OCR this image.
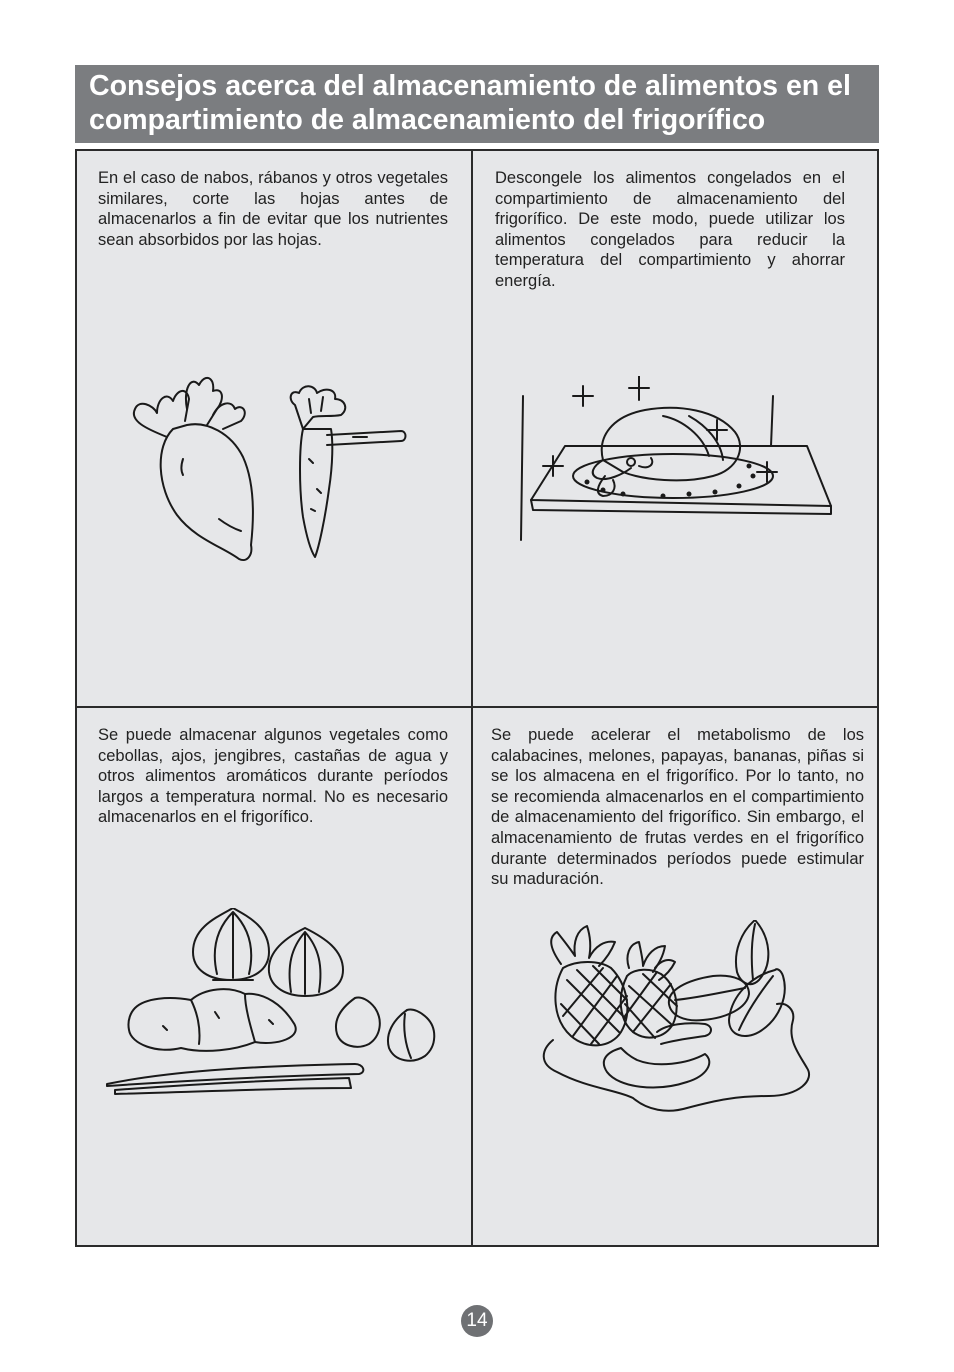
Consejos acerca del almacenamiento de alimentos en el compartimiento de almacenamiento del frigorífico

En el caso de nabos, rábanos y otros vegetales similares, corte las hojas antes de almacenarlos a fin de evitar que los nutrientes sean absorbidos por las hojas.

Descongele los alimentos congelados en el compartimiento de almacenamiento del frigorífico. De este modo, puede utilizar los alimentos congelados para reducir la temperatura del compartimiento y ahorrar energía.

Se puede almacenar algunos vegetales como cebollas, ajos, jengibres, castañas de agua y otros alimentos aromáticos durante períodos largos a temperatura normal. No es necesario almacenarlos en el frigorífico.

Se puede acelerar el metabolismo de los calabacines, melones, papayas, bananas, piñas si se los almacena en el frigorífico. Por lo tanto, no se recomienda almacenarlos en el compartimiento de almacenamiento del frigorífico. Sin embargo, el almacenamiento de frutas verdes en el frigorífico durante determinados períodos puede estimular su maduración.

14
